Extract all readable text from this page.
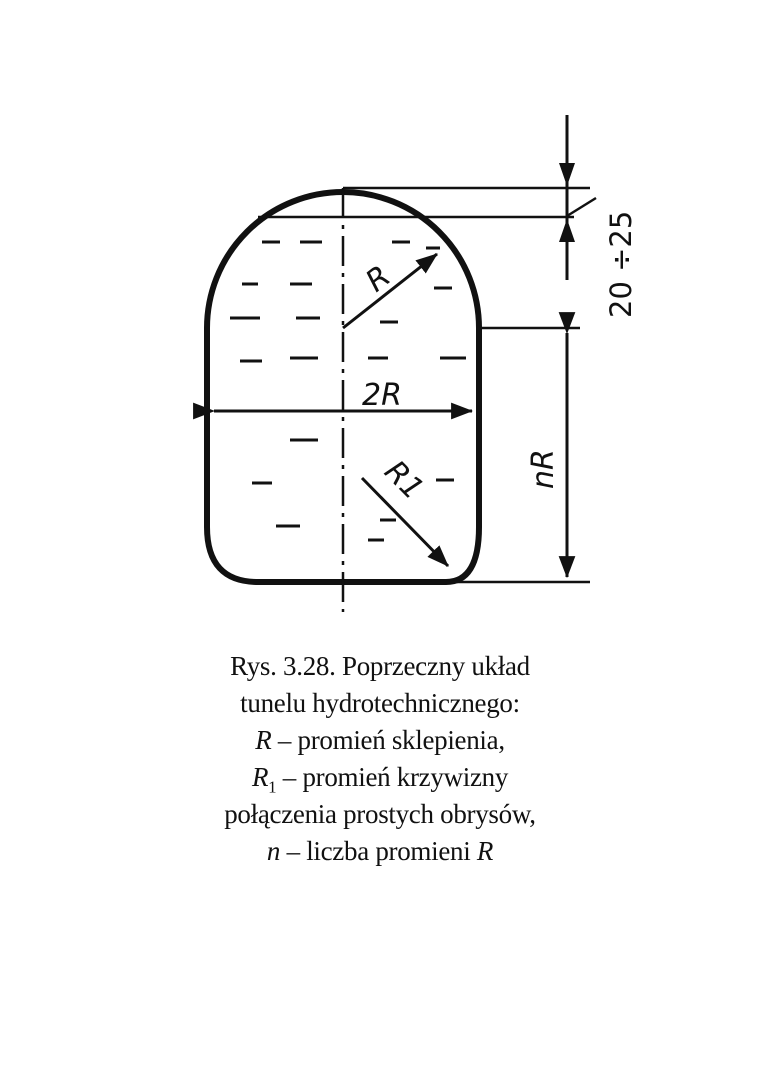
R
2R
R1
20 ÷25
nR
Rys. 3.28. Poprzeczny układ
tunelu hydrotechnicznego:
R – promień sklepienia,
$R_1$ – promień krzywizny
połączenia prostych obrysów,
n – liczba promieni R
